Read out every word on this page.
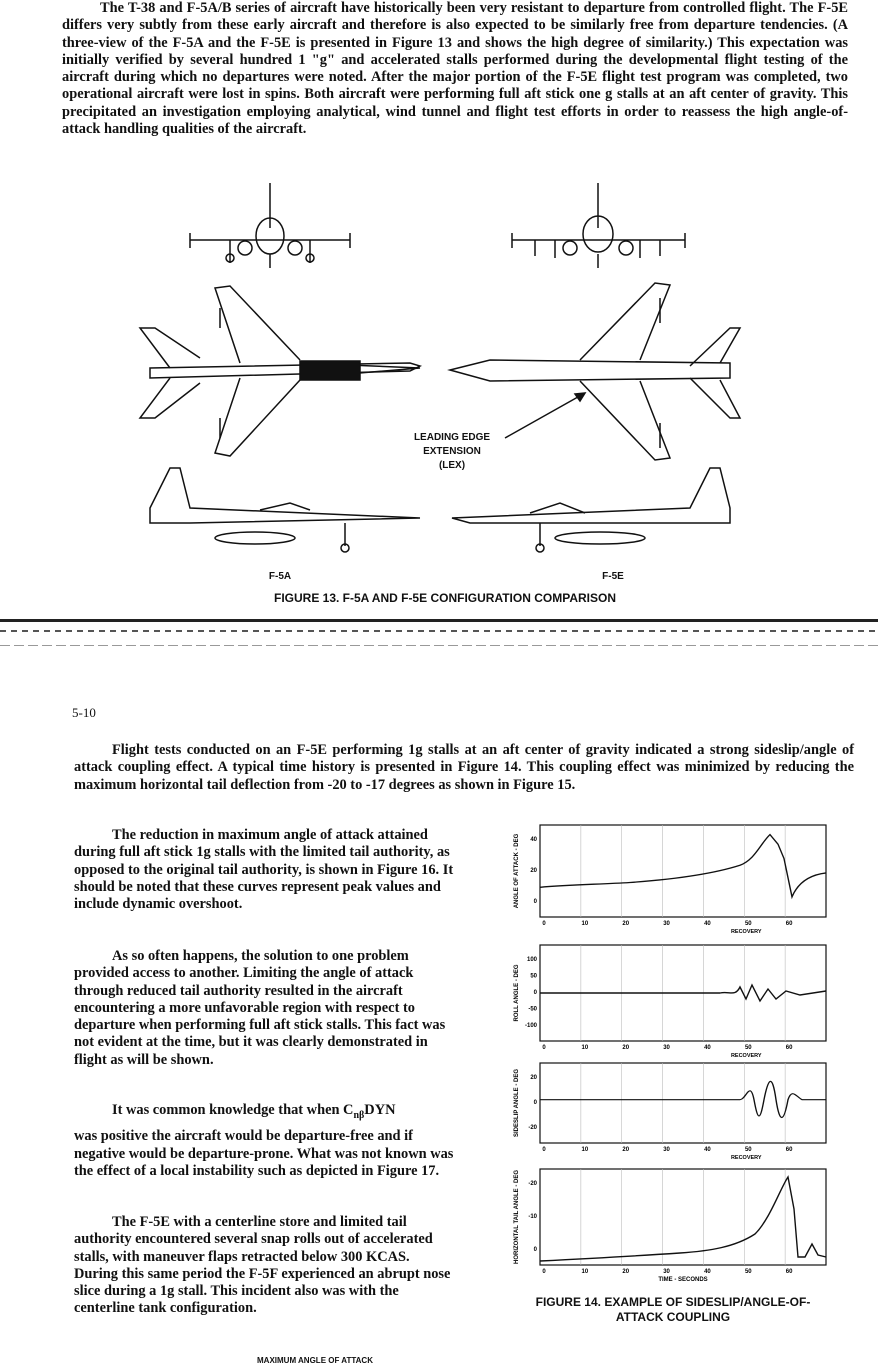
The T-38 and F-5A/B series of aircraft have historically been very resistant to departure from controlled flight. The F-5E differs very subtly from these early aircraft and therefore is also expected to be similarly free from departure tendencies. (A three-view of the F-5A and the F-5E is presented in Figure 13 and shows the high degree of similarity.) This expectation was initially verified by several hundred 1 "g" and accelerated stalls performed during the developmental flight testing of the aircraft during which no departures were noted. After the major portion of the F-5E flight test program was completed, two operational aircraft were lost in spins. Both aircraft were performing full aft stick one g stalls at an aft center of gravity. This precipitated an investigation employing analytical, wind tunnel and flight test efforts in order to reassess the high angle-of-attack handling qualities of the aircraft.

LEADING EDGE

EXTENSION

(LEX)

F-5A	F-5E

FIGURE 13. F-5A AND F-5E CONFIGURATION COMPARISON

5-10

Flight tests conducted on an F-5E performing 1g stalls at an aft center of gravity indicated a strong sideslip/angle of attack coupling effect. A typical time history is presented in Figure 14. This coupling effect was minimized by reducing the maximum horizontal tail deflection from -20 to -17 degrees as shown in Figure 15.

The reduction in maximum angle of attack attained during full aft stick 1g stalls with the limited tail authority, as opposed to the original tail authority, is shown in Figure 16. It should be noted that these curves represent peak values and include dynamic overshoot.

As so often happens, the solution to one problem provided access to another. Limiting the angle of attack through reduced tail authority resulted in the aircraft encountering a more unfavorable region with respect to departure when performing full aft stick stalls. This fact was not evident at the time, but it was clearly demonstrated in flight as will be shown.

It was common knowledge that when $C_{n\beta}DYN$
was positive the aircraft would be departure-free and if negative would be departure-prone. What was not known was the effect of a local instability such as depicted in Figure 17.

The F-5E with a centerline store and limited tail authority encountered several snap rolls out of accelerated stalls, with maneuver flaps retracted below 300 KCAS. During this same period the F-5F experienced an abrupt nose slice during a 1g stall. This incident also was with the centerline tank configuration.

ANGLE OF ATTACK - DEG 40
20
0
0	10	20	30	40	50	60
RECOVERY
ROLL ANGLE - DEG
100
50
0
-50
-100
0	10	20	30	40	50	60
RECOVERY
SIDESLIP ANGLE - DEG 20
0
-20
0	10	20	30	40	50	60
RECOVERY
HORIZONTAL TAIL ANGLE - DEG -20
-10
0
0	10	20	30	40	50	60
TIME - SECONDS

FIGURE 14. EXAMPLE OF SIDESLIP/ANGLE-OF-

ATTACK COUPLING

MAXIMUM ANGLE OF ATTACK
